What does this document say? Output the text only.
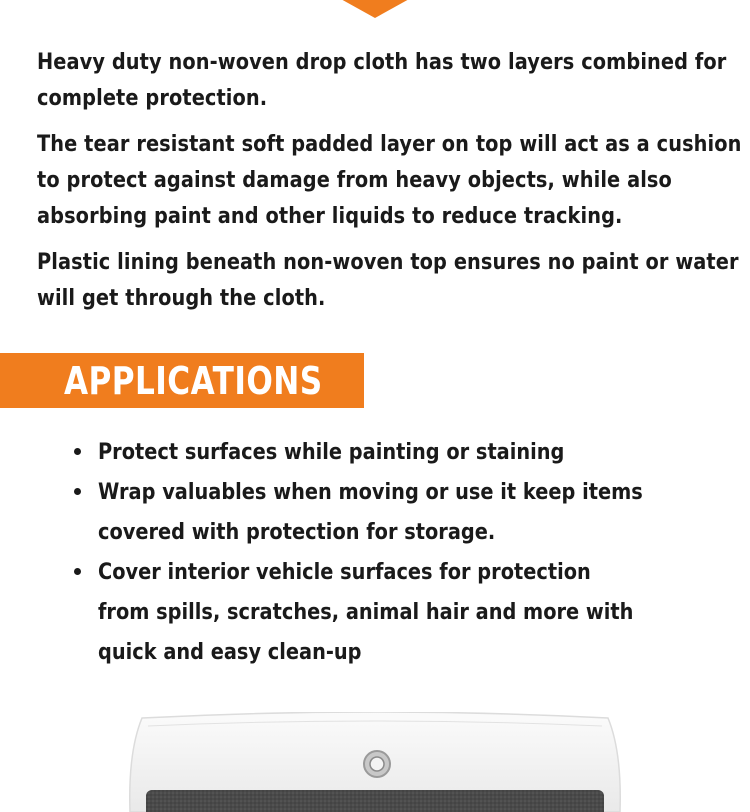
Heavy duty non-woven drop cloth has two layers combined for complete protection.

The tear resistant soft padded layer on top will act as a cushion to protect against damage from heavy objects, while also absorbing paint and other liquids to reduce tracking.

Plastic lining beneath non-woven top ensures no paint or water will get through the cloth.

APPLICATIONS
Protect surfaces while painting or staining
Wrap valuables when moving or use it keep items covered with protection for storage.
Cover interior vehicle surfaces for protection from spills, scratches, animal hair and more with quick and easy clean-up
